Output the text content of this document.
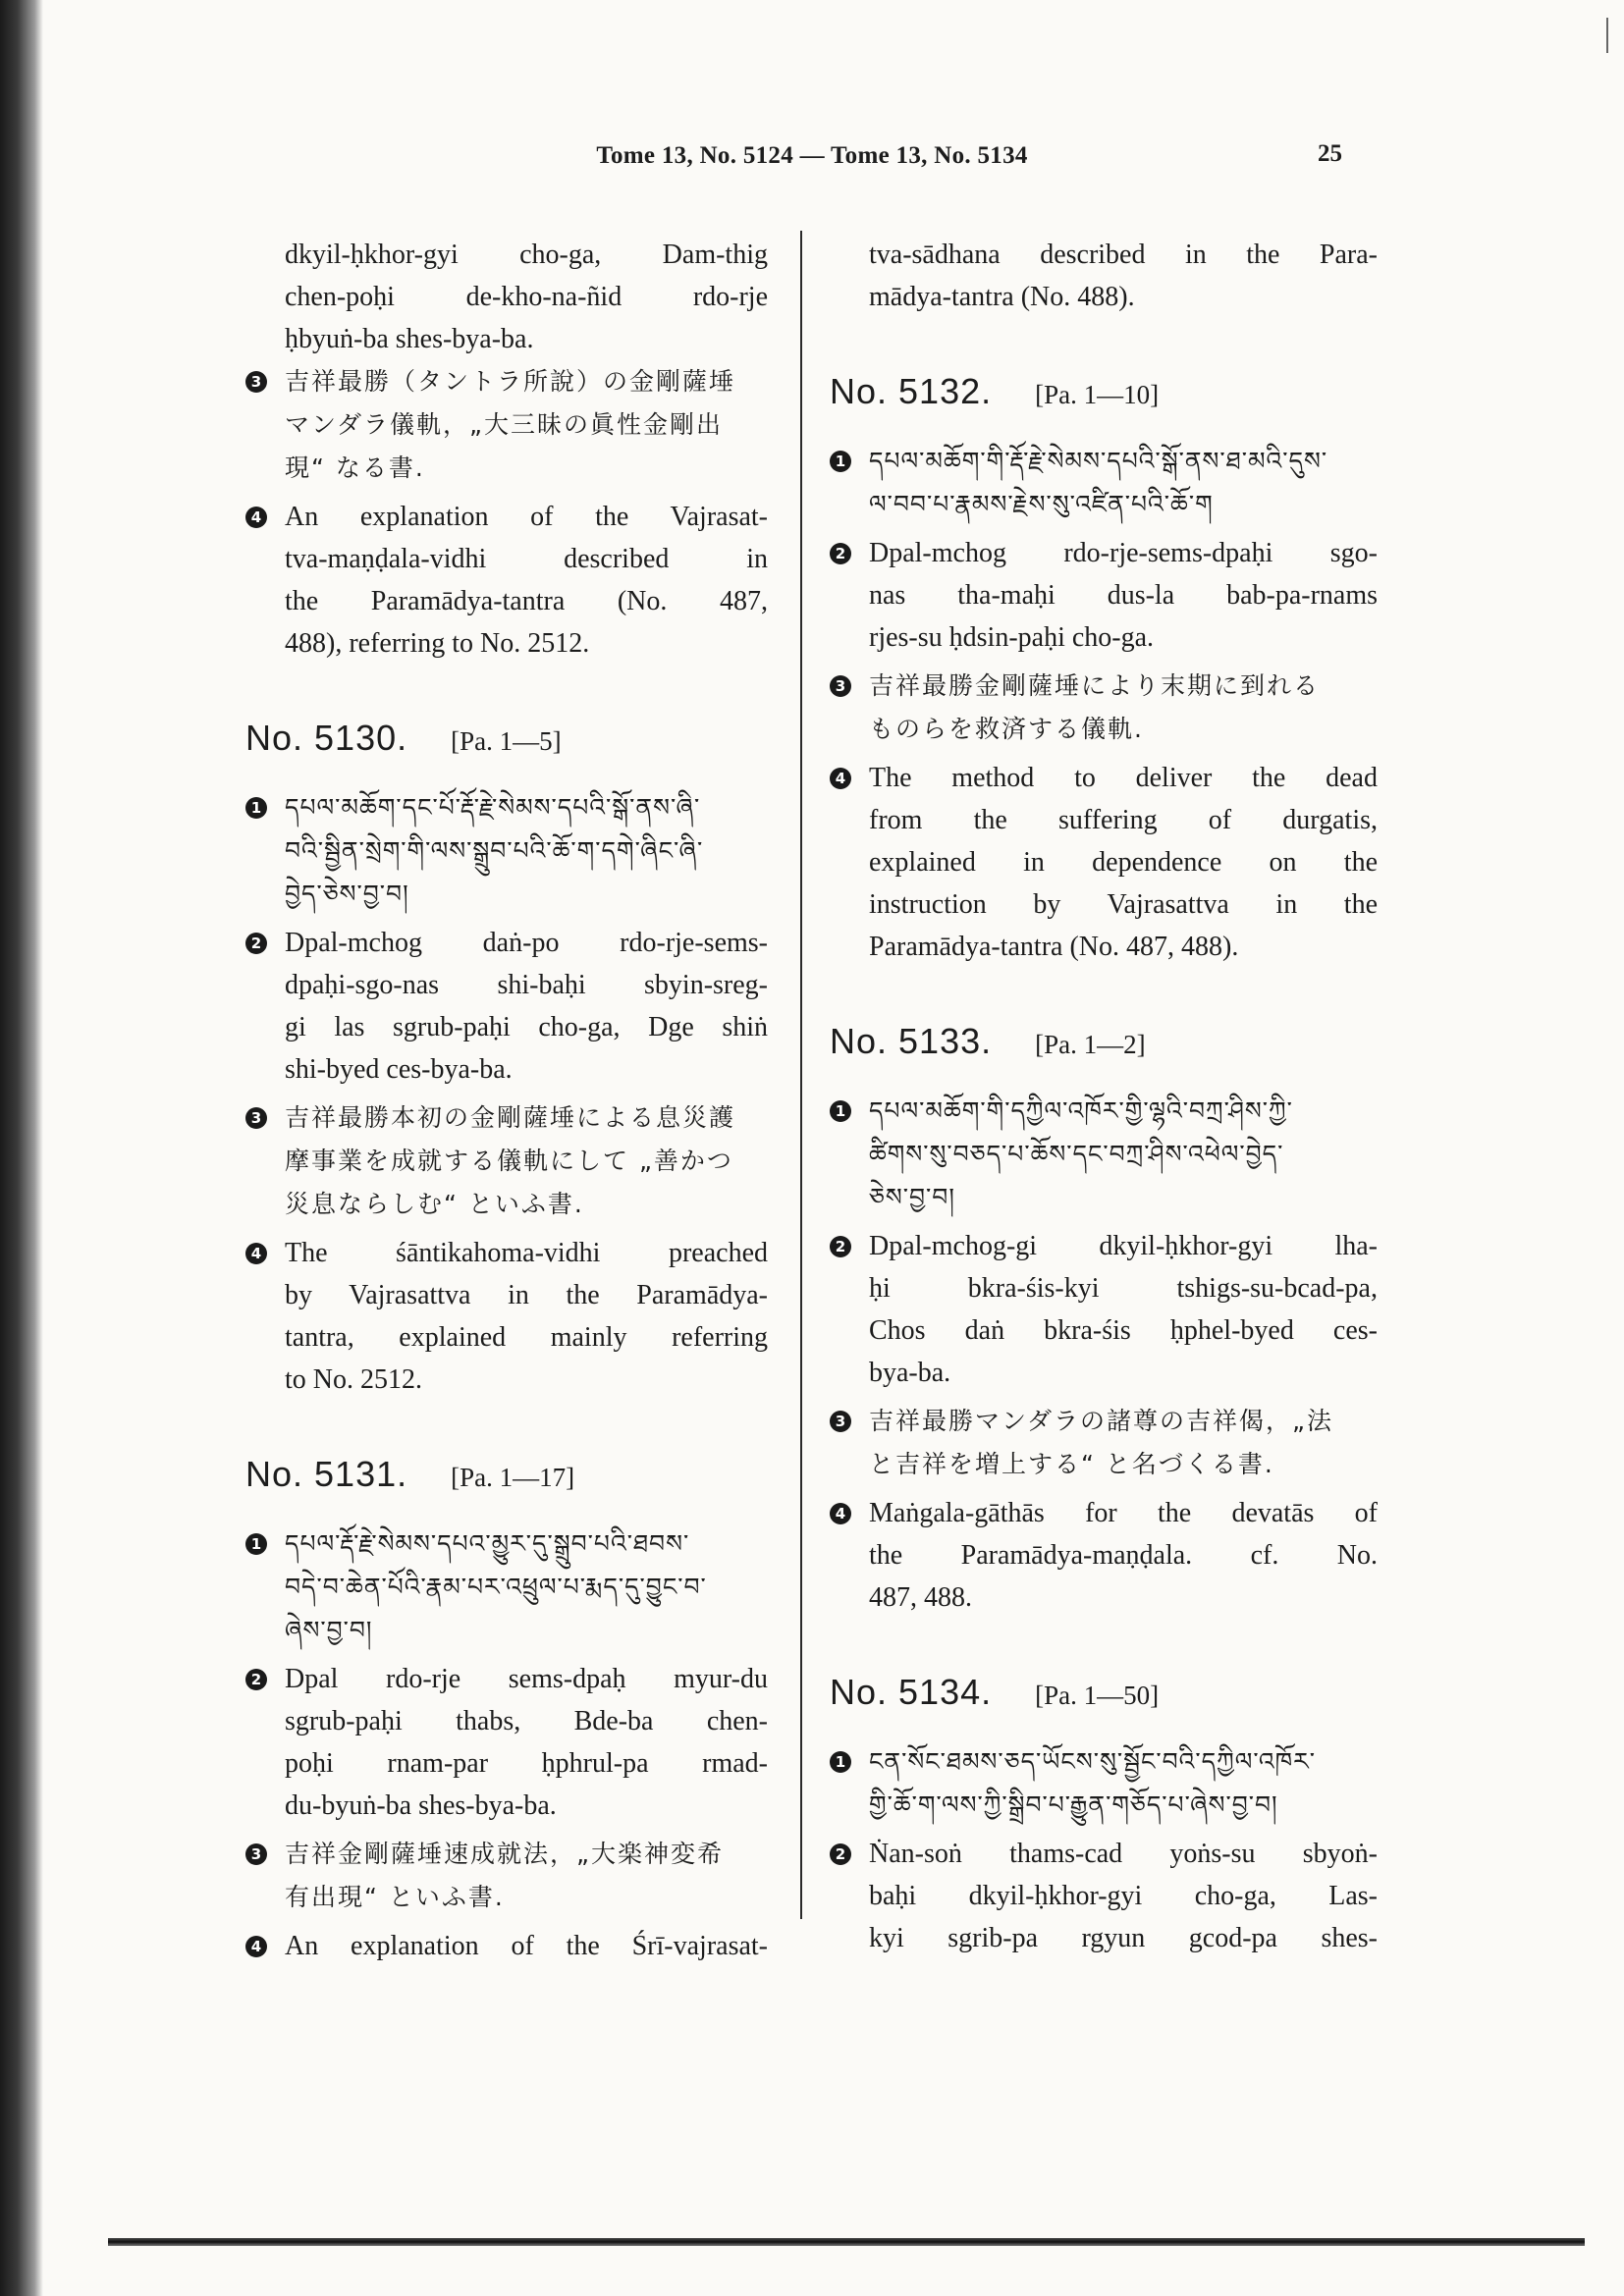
Tome 13, No. 5124 — Tome 13, No. 5134	25
dkyil-ḥkhor-gyi cho-ga, Dam-thig
chen-poḥi de-kho-na-ñid rdo-rje
ḥbyuṅ-ba shes-bya-ba.
3 吉祥最勝（タントラ所說）の金剛薩埵
マンダラ儀軌，„大三昧の眞性金剛出
現“ なる書.
4 An explanation of the Vajrasat-
tva-maṇḍala-vidhi described in
the Paramādya-tantra (No. 487,
488), referring to No. 2512.
No. 5130. [Pa. 1—5]
1 དཔལ་མཆོག་དང་པོ་རྡོ་རྗེ་སེམས་དཔའི་སྒོ་ནས་ཞི་
བའི་སྦྱིན་སྲེག་གི་ལས་སྒྲུབ་པའི་ཆོ་ག་དགེ་ཞིང་ཞི་
བྱེད་ཅེས་བྱ་བ།
2 Dpal-mchog daṅ-po rdo-rje-sems-
dpaḥi-sgo-nas shi-baḥi sbyin-sreg-
gi las sgrub-paḥi cho-ga, Dge shiṅ
shi-byed ces-bya-ba.
3 吉祥最勝本初の金剛薩埵による息災護
摩事業を成就する儀軌にして „善かつ
災息ならしむ“ といふ書.
4 The śāntikahoma-vidhi preached
by Vajrasattva in the Paramādya-
tantra, explained mainly referring
to No. 2512.
No. 5131. [Pa. 1—17]
1 དཔལ་རྡོ་རྗེ་སེམས་དཔའ་མྱུར་དུ་སྒྲུབ་པའི་ཐབས་
བདེ་བ་ཆེན་པོའི་རྣམ་པར་འཕྲུལ་པ་རྨད་དུ་བྱུང་བ་
ཞེས་བྱ་བ།
2 Dpal rdo-rje sems-dpaḥ myur-du
sgrub-paḥi thabs, Bde-ba chen-
poḥi rnam-par ḥphrul-pa rmad-
du-byuṅ-ba shes-bya-ba.
3 吉祥金剛薩埵速成就法，„大楽神変希
有出現“ といふ書.
4 An explanation of the Śrī-vajrasat-
tva-sādhana described in the Para-
mādya-tantra (No. 488).
No. 5132. [Pa. 1—10]
1 དཔལ་མཆོག་གི་རྡོ་རྗེ་སེམས་དཔའི་སྒོ་ནས་ཐ་མའི་དུས་
ལ་བབ་པ་རྣམས་རྗེས་སུ་འཛིན་པའི་ཆོ་ག
2 Dpal-mchog rdo-rje-sems-dpaḥi sgo-
nas tha-maḥi dus-la bab-pa-rnams
rjes-su ḥdsin-paḥi cho-ga.
3 吉祥最勝金剛薩埵により末期に到れる
ものらを救済する儀軌.
4 The method to deliver the dead
from the suffering of durgatis,
explained in dependence on the
instruction by Vajrasattva in the
Paramādya-tantra (No. 487, 488).
No. 5133. [Pa. 1—2]
1 དཔལ་མཆོག་གི་དཀྱིལ་འཁོར་གྱི་ལྷའི་བཀྲ་ཤིས་ཀྱི་
ཚིགས་སུ་བཅད་པ་ཆོས་དང་བཀྲ་ཤིས་འཕེལ་བྱེད་
ཅེས་བྱ་བ།
2 Dpal-mchog-gi dkyil-ḥkhor-gyi lha-
ḥi bkra-śis-kyi tshigs-su-bcad-pa,
Chos daṅ bkra-śis ḥphel-byed ces-
bya-ba.
3 吉祥最勝マンダラの諸尊の吉祥偈，„法
と吉祥を増上する“ と名づくる書.
4 Maṅgala-gāthās for the devatās of
the Paramādya-maṇḍala. cf. No.
487, 488.
No. 5134. [Pa. 1—50]
1 ངན་སོང་ཐམས་ཅད་ཡོངས་སུ་སྦྱོང་བའི་དཀྱིལ་འཁོར་
གྱི་ཆོ་ག་ལས་ཀྱི་སྒྲིབ་པ་རྒྱུན་གཅོད་པ་ཞེས་བྱ་བ།
2 Ṅan-soṅ thams-cad yoṅs-su sbyoṅ-
baḥi dkyil-ḥkhor-gyi cho-ga, Las-
kyi sgrib-pa rgyun gcod-pa shes-
